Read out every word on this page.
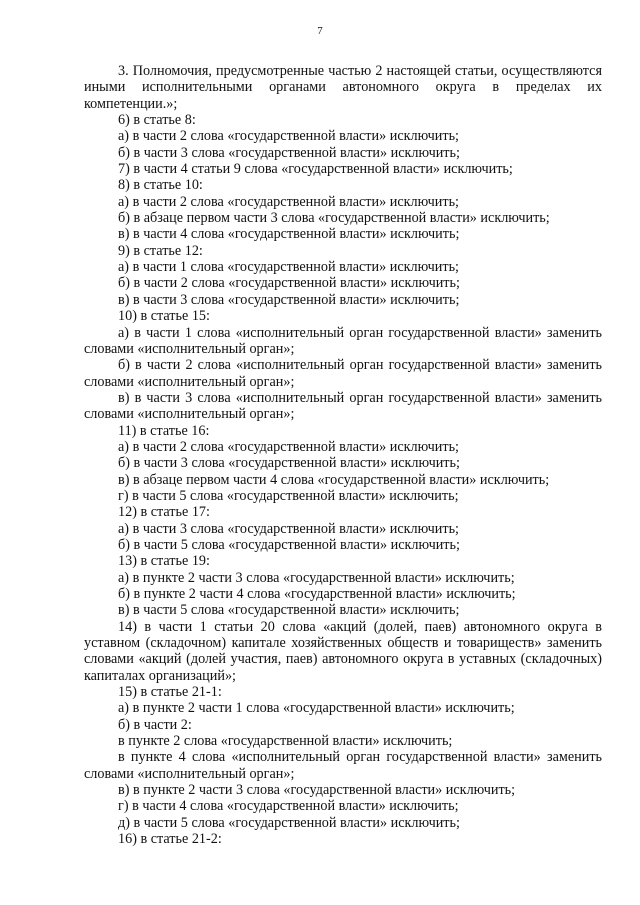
7

3. Полномочия, предусмотренные частью 2 настоящей статьи, осуществляются иными исполнительными органами автономного округа в пределах их компетенции.»;

6) в статье 8:

а) в части 2 слова «государственной власти» исключить;

б) в части 3 слова «государственной власти» исключить;

7) в части 4 статьи 9 слова «государственной власти» исключить;

8) в статье 10:

а) в части 2 слова «государственной власти» исключить;

б) в абзаце первом части 3 слова «государственной власти» исключить;

в) в части 4 слова «государственной власти» исключить;

9) в статье 12:

а) в части 1 слова «государственной власти» исключить;

б) в части 2 слова «государственной власти» исключить;

в) в части 3 слова «государственной власти» исключить;

10) в статье 15:

а) в части 1 слова «исполнительный орган государственной власти» заменить словами «исполнительный орган»;

б) в части 2 слова «исполнительный орган государственной власти» заменить словами «исполнительный орган»;

в) в части 3 слова «исполнительный орган государственной власти» заменить словами «исполнительный орган»;

11) в статье 16:

а) в части 2 слова «государственной власти» исключить;

б) в части 3 слова «государственной власти» исключить;

в) в абзаце первом части 4 слова «государственной власти» исключить;

г) в части 5 слова «государственной власти» исключить;

12) в статье 17:

а) в части 3 слова «государственной власти» исключить;

б) в части 5 слова «государственной власти» исключить;

13) в статье 19:

а) в пункте 2 части 3 слова «государственной власти» исключить;

б) в пункте 2 части 4 слова «государственной власти» исключить;

в) в части 5 слова «государственной власти» исключить;

14) в части 1 статьи 20 слова «акций (долей, паев) автономного округа в уставном (складочном) капитале хозяйственных обществ и товариществ» заменить словами «акций (долей участия, паев) автономного округа в уставных (складочных) капиталах организаций»;

15) в статье 21-1:

а) в пункте 2 части 1 слова «государственной власти» исключить;

б) в части 2:

в пункте 2 слова «государственной власти» исключить;

в пункте 4 слова «исполнительный орган государственной власти» заменить словами «исполнительный орган»;

в) в пункте 2 части 3 слова «государственной власти» исключить;

г) в части 4 слова «государственной власти» исключить;

д) в части 5 слова «государственной власти» исключить;

16) в статье 21-2:
